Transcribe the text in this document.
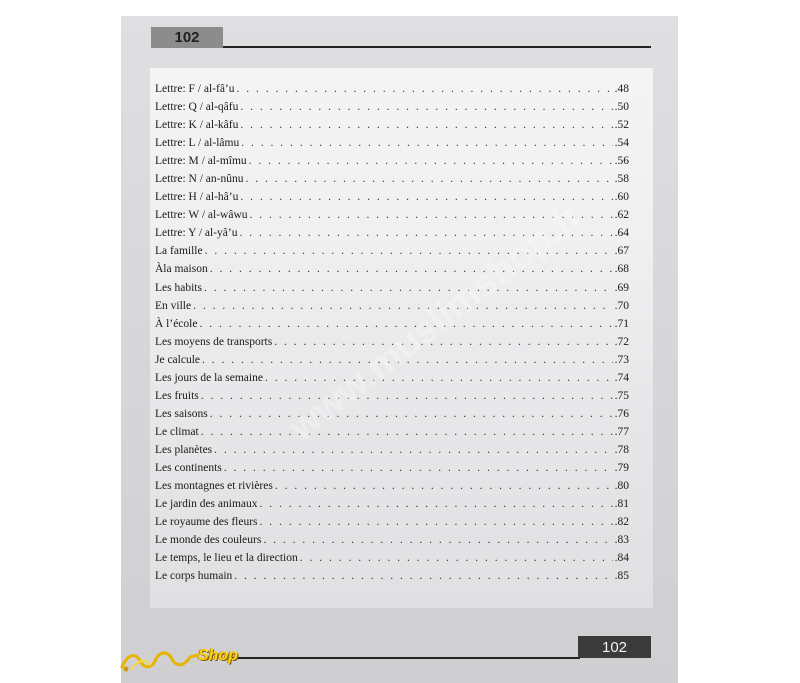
102
Lettre: F / al-fâ’u . . .	.48
Lettre: Q / al-qâfu . . .	.50
Lettre: K / al-kâfu . . .	.52
Lettre: L / al-lâmu . . .	.54
Lettre: M / al-mîmu . . .	.56
Lettre: N / an-nûnu . . .	.58
Lettre: H / al-hâ’u . . .	.60
Lettre: W / al-wâwu . . .	.62
Lettre: Y / al-yâ’u . . .	.64
La famille . . .	.67
Àla maison . . .	.68
Les habits . . .	.69
En ville . . .	.70
À l’école . . .	.71
Les moyens de transports . . .	.72
Je calcule . . .	.73
Les jours de la semaine . . .	.74
Les fruits . . .	.75
Les saisons . . .	.76
Le climat . . .	.77
Les planètes . . .	.78
Les continents . . .	.79
Les montagnes et rivières . . .	.80
Le jardin des animaux . . .	.81
Le royaume des fleurs . . .	.82
Le monde des couleurs . . .	.83
Le temps, le lieu et la direction . . .	.84
Le corps humain . . .	.85
102
Shop
www.muslimshop.fr
